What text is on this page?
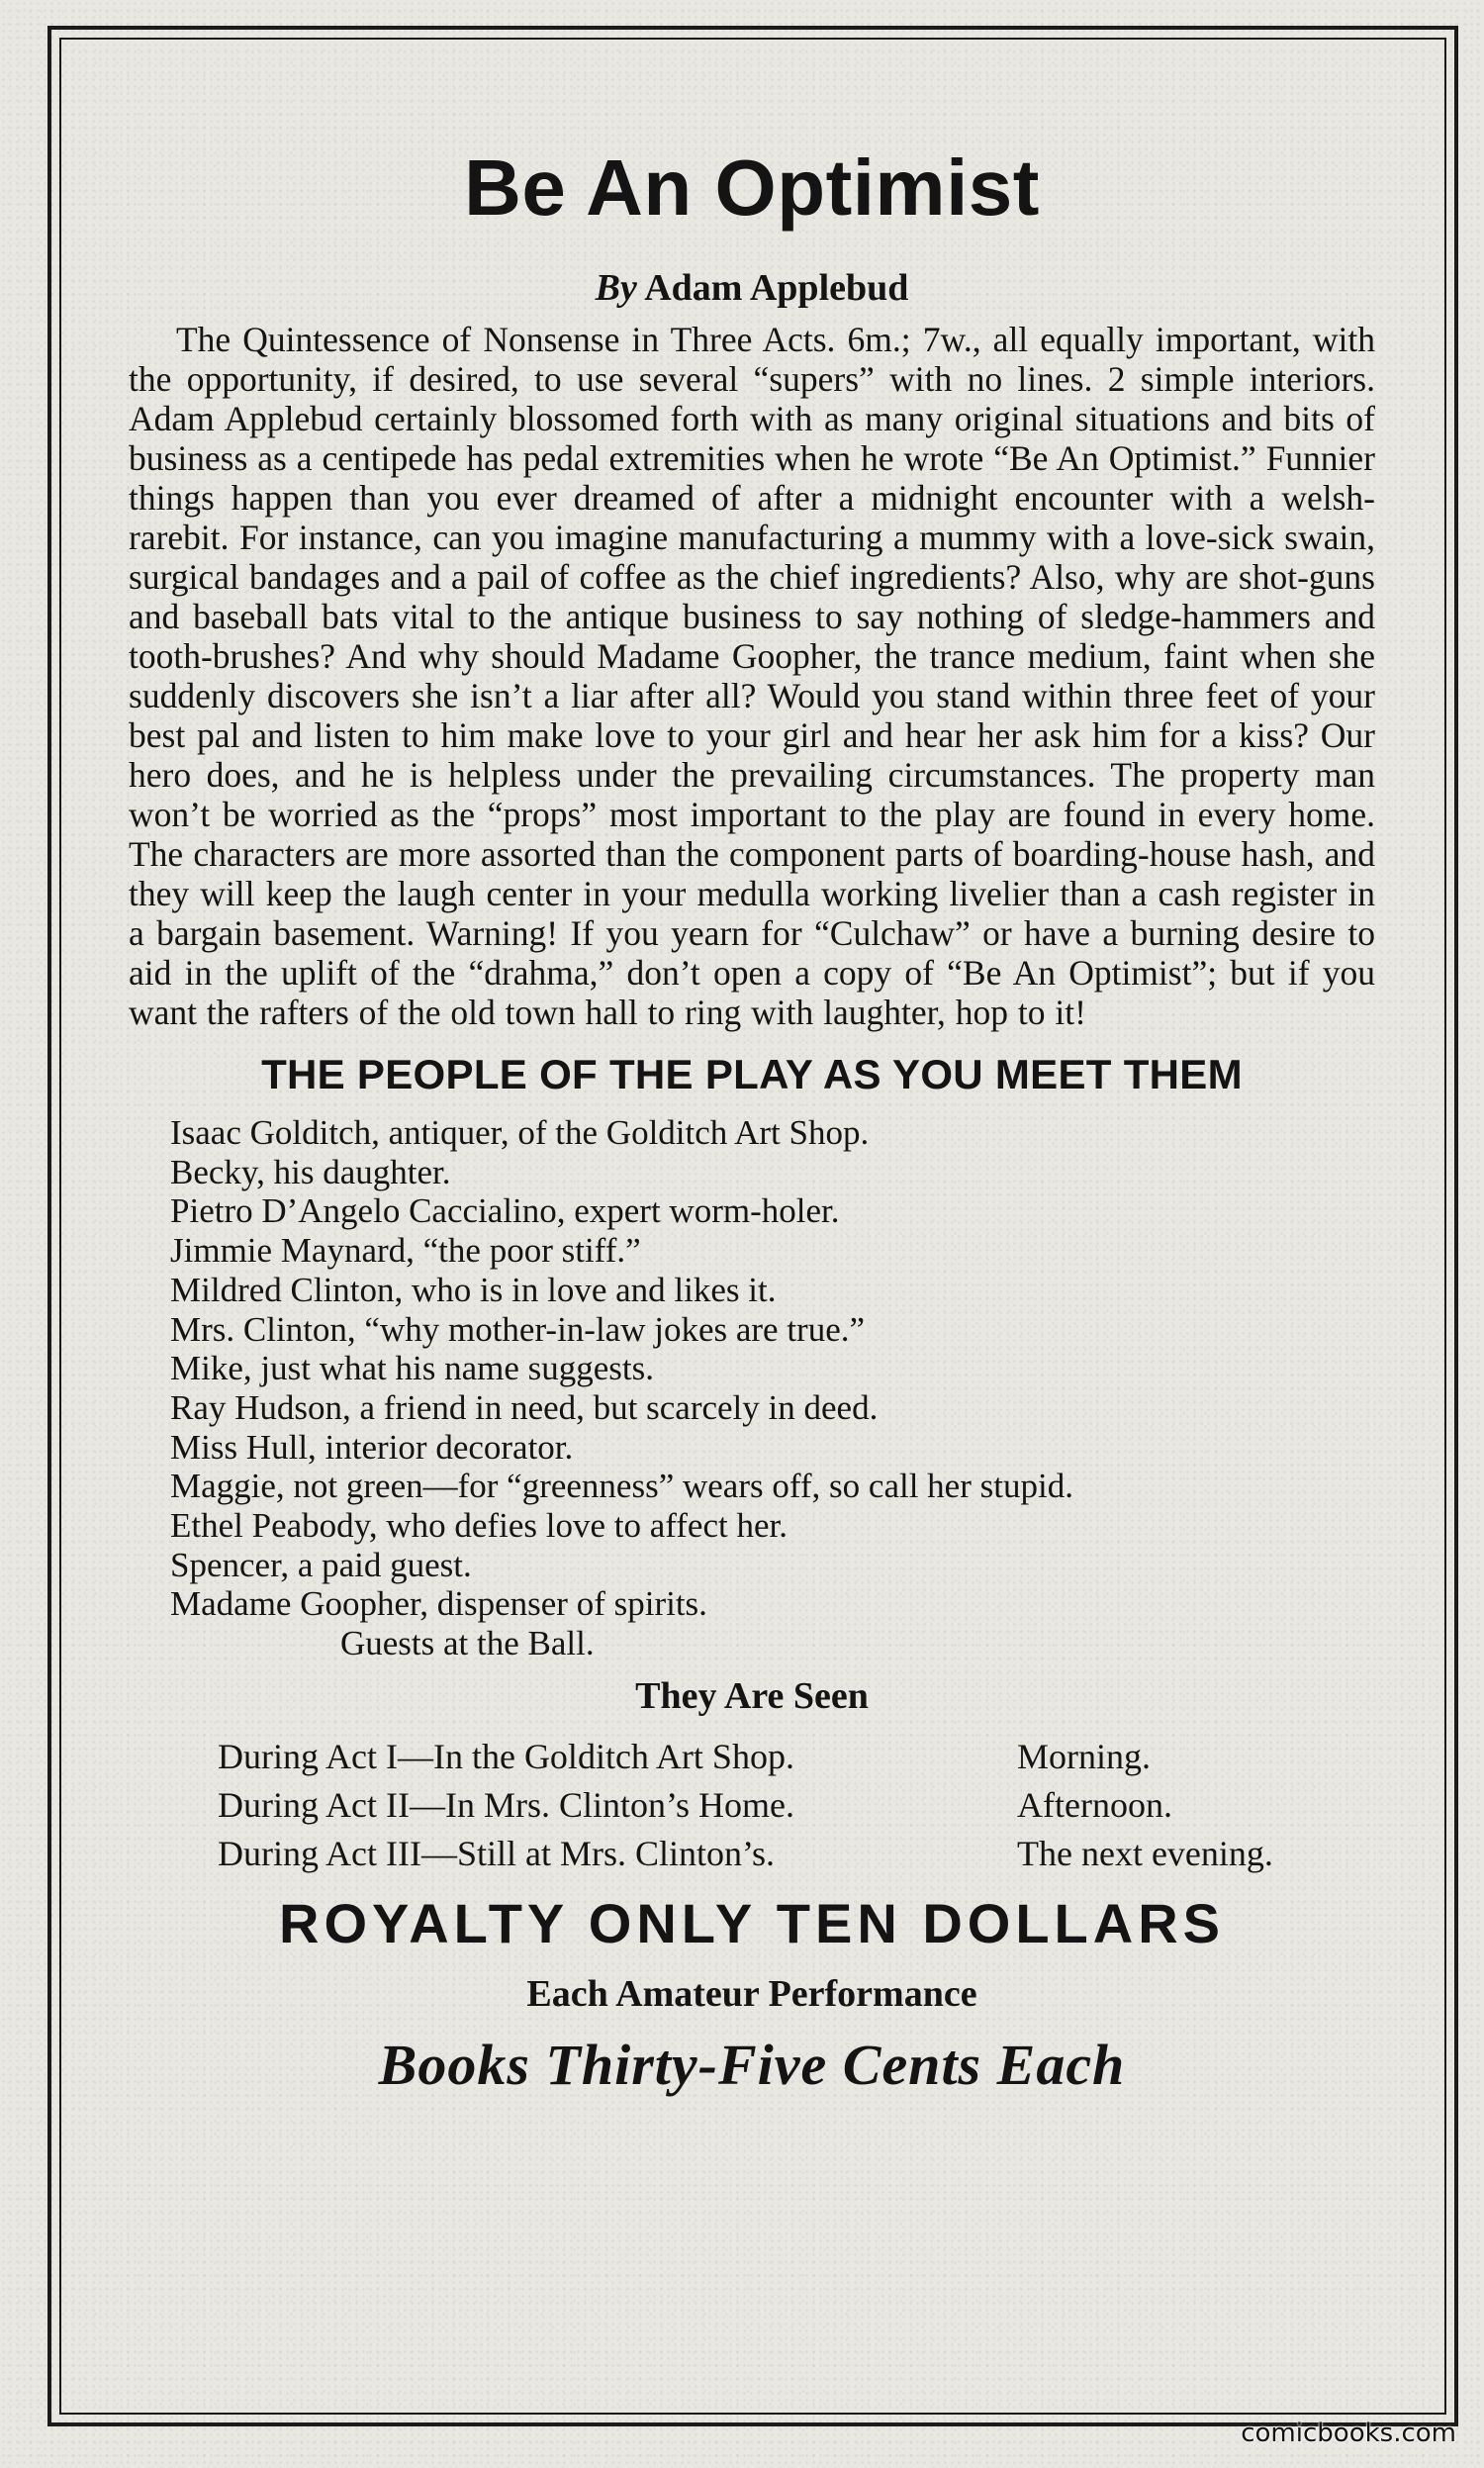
Be An Optimist
By Adam Applebud

The Quintessence of Nonsense in Three Acts. 6m.; 7w., all equally important, with the opportunity, if desired, to use several “supers” with no lines. 2 simple interiors. Adam Applebud certainly blossomed forth with as many original situations and bits of business as a centipede has pedal extremities when he wrote “Be An Optimist.” Funnier things happen than you ever dreamed of after a midnight encounter with a welsh-rarebit. For instance, can you imagine manufacturing a mummy with a love-sick swain, surgical bandages and a pail of coffee as the chief ingredients? Also, why are shot-guns and baseball bats vital to the antique business to say nothing of sledge-hammers and tooth-brushes? And why should Madame Goopher, the trance medium, faint when she suddenly discovers she isn’t a liar after all? Would you stand within three feet of your best pal and listen to him make love to your girl and hear her ask him for a kiss? Our hero does, and he is helpless under the prevailing circumstances. The property man won’t be worried as the “props” most important to the play are found in every home. The characters are more assorted than the component parts of boarding-house hash, and they will keep the laugh center in your medulla working livelier than a cash register in a bargain basement. Warning! If you yearn for “Culchaw” or have a burning desire to aid in the uplift of the “drahma,” don’t open a copy of “Be An Optimist”; but if you want the rafters of the old town hall to ring with laughter, hop to it!

THE PEOPLE OF THE PLAY AS YOU MEET THEM
Isaac Golditch, antiquer, of the Golditch Art Shop.
Becky, his daughter.
Pietro D’Angelo Caccialino, expert worm-holer.
Jimmie Maynard, “the poor stiff.”
Mildred Clinton, who is in love and likes it.
Mrs. Clinton, “why mother-in-law jokes are true.”
Mike, just what his name suggests.
Ray Hudson, a friend in need, but scarcely in deed.
Miss Hull, interior decorator.
Maggie, not green—for “greenness” wears off, so call her stupid.
Ethel Peabody, who defies love to affect her.
Spencer, a paid guest.
Madame Goopher, dispenser of spirits.
Guests at the Ball.
They Are Seen
During Act I—In the Golditch Art Shop.	Morning.
During Act II—In Mrs. Clinton’s Home.	Afternoon.
During Act III—Still at Mrs. Clinton’s.	The next evening.
ROYALTY ONLY TEN DOLLARS
Each Amateur Performance
Books Thirty-Five Cents Each
comicbooks.com
